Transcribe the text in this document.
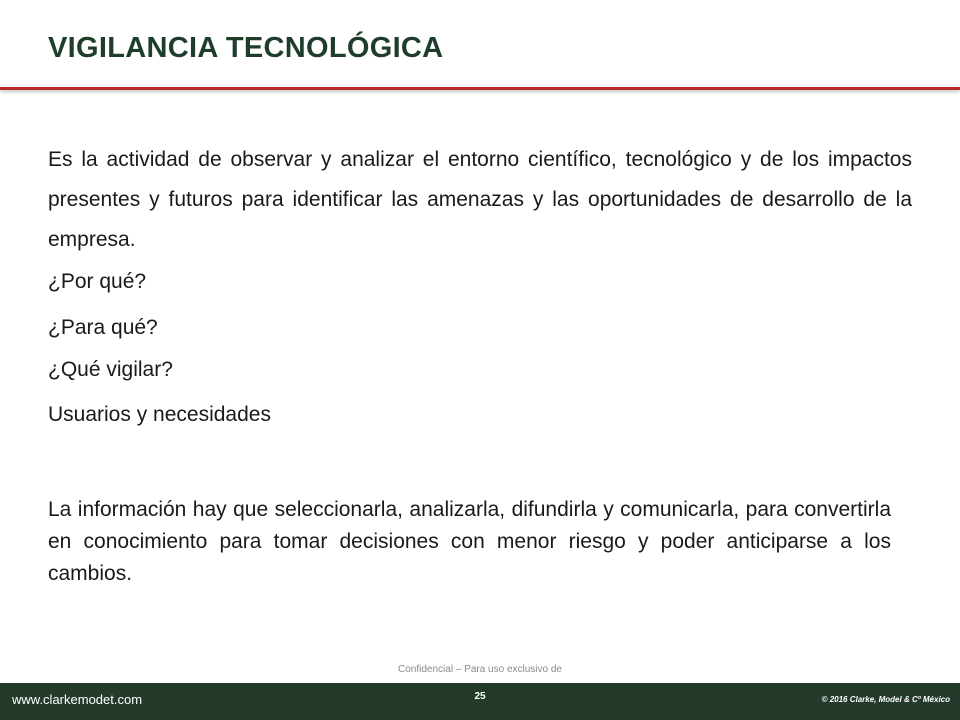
VIGILANCIA TECNOLÓGICA

Es la actividad de observar y analizar el entorno científico, tecnológico y de los impactos presentes y futuros para identificar las amenazas y las oportunidades de desarrollo de la empresa.

¿Por qué?

¿Para qué?

¿Qué vigilar?

Usuarios y necesidades

La información hay que seleccionarla, analizarla, difundirla y comunicarla, para convertirla en conocimiento para tomar decisiones con menor riesgo y poder anticiparse a los cambios.

Confidencial – Para uso exclusivo de
www.clarkemodet.com	25	© 2016 Clarke, Model & Cº México
